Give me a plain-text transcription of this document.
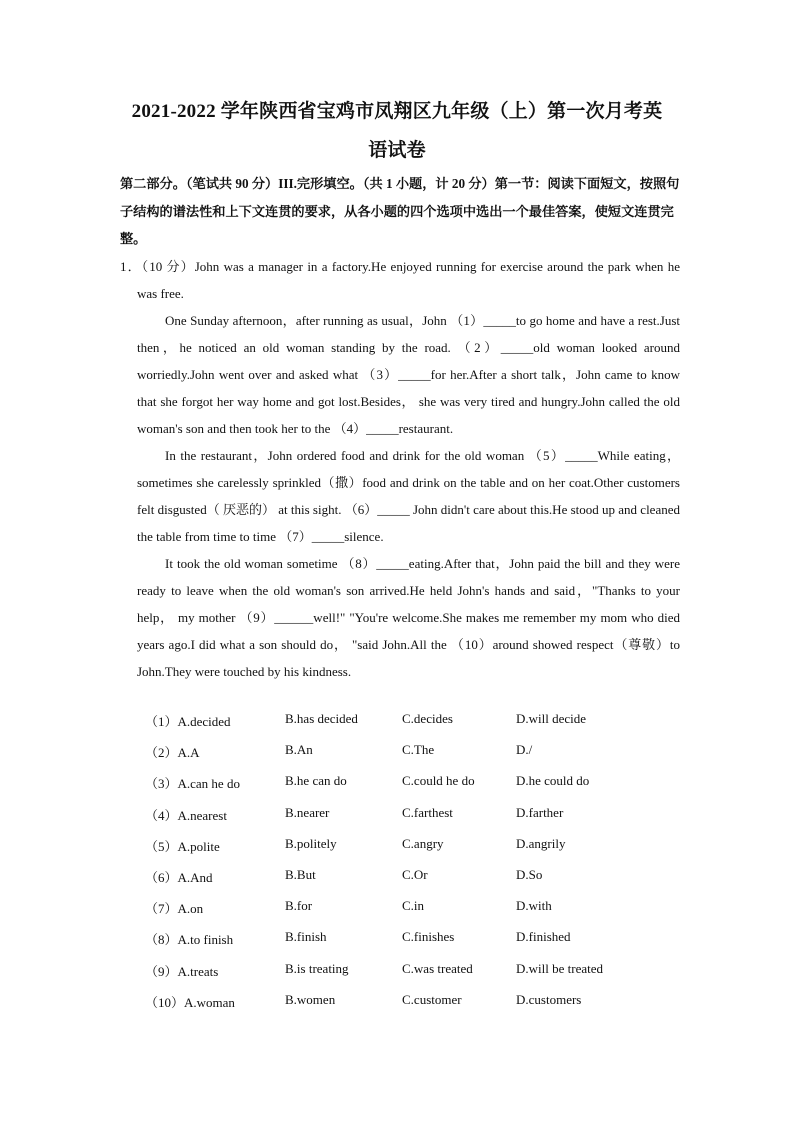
2021-2022 学年陕西省宝鸡市凤翔区九年级（上）第一次月考英
语试卷

第二部分。（笔试共 90 分）III.完形填空。（共 1 小题，计 20 分）第一节：阅读下面短文，按照句子结构的谱法性和上下文连贯的要求，从各小题的四个选项中选出一个最佳答案，使短文连贯完整。

1．（10 分）John was a manager in a factory.He enjoyed running for exercise around the park when he was free.

One Sunday afternoon，after running as usual，John （1）_____to go home and have a rest.Just then，he noticed an old woman standing by the road. （2）_____old woman looked around worriedly.John went over and asked what （3）_____for her.After a short talk，John came to know that she forgot her way home and got lost.Besides， she was very tired and hungry.John called the old woman's son and then took her to the （4）_____restaurant.

In the restaurant，John ordered food and drink for the old woman （5）_____While eating， sometimes she carelessly sprinkled（撒）food and drink on the table and on her coat.Other customers felt disgusted（ 厌恶的） at this sight. （6）_____ John didn't care about this.He stood up and cleaned the table from time to time （7）_____silence.

It took the old woman sometime （8）_____eating.After that，John paid the bill and they were ready to leave when the old woman's son arrived.He held John's hands and said，"Thanks to your help， my mother （9）______well!" "You're welcome.She makes me remember my mom who died years ago.I did what a son should do， "said John.All the （10）around showed respect（尊敬）to John.They were touched by his kindness.

（1）A.decided	B.has decided	C.decides	D.will decide
（2）A.A	B.An	C.The	D./
（3）A.can he do	B.he can do	C.could he do	D.he could do
（4）A.nearest	B.nearer	C.farthest	D.farther
（5）A.polite	B.politely	C.angry	D.angrily
（6）A.And	B.But	C.Or	D.So
（7）A.on	B.for	C.in	D.with
（8）A.to finish	B.finish	C.finishes	D.finished
（9）A.treats	B.is treating	C.was treated	D.will be treated
（10）A.woman	B.women	C.customer	D.customers
